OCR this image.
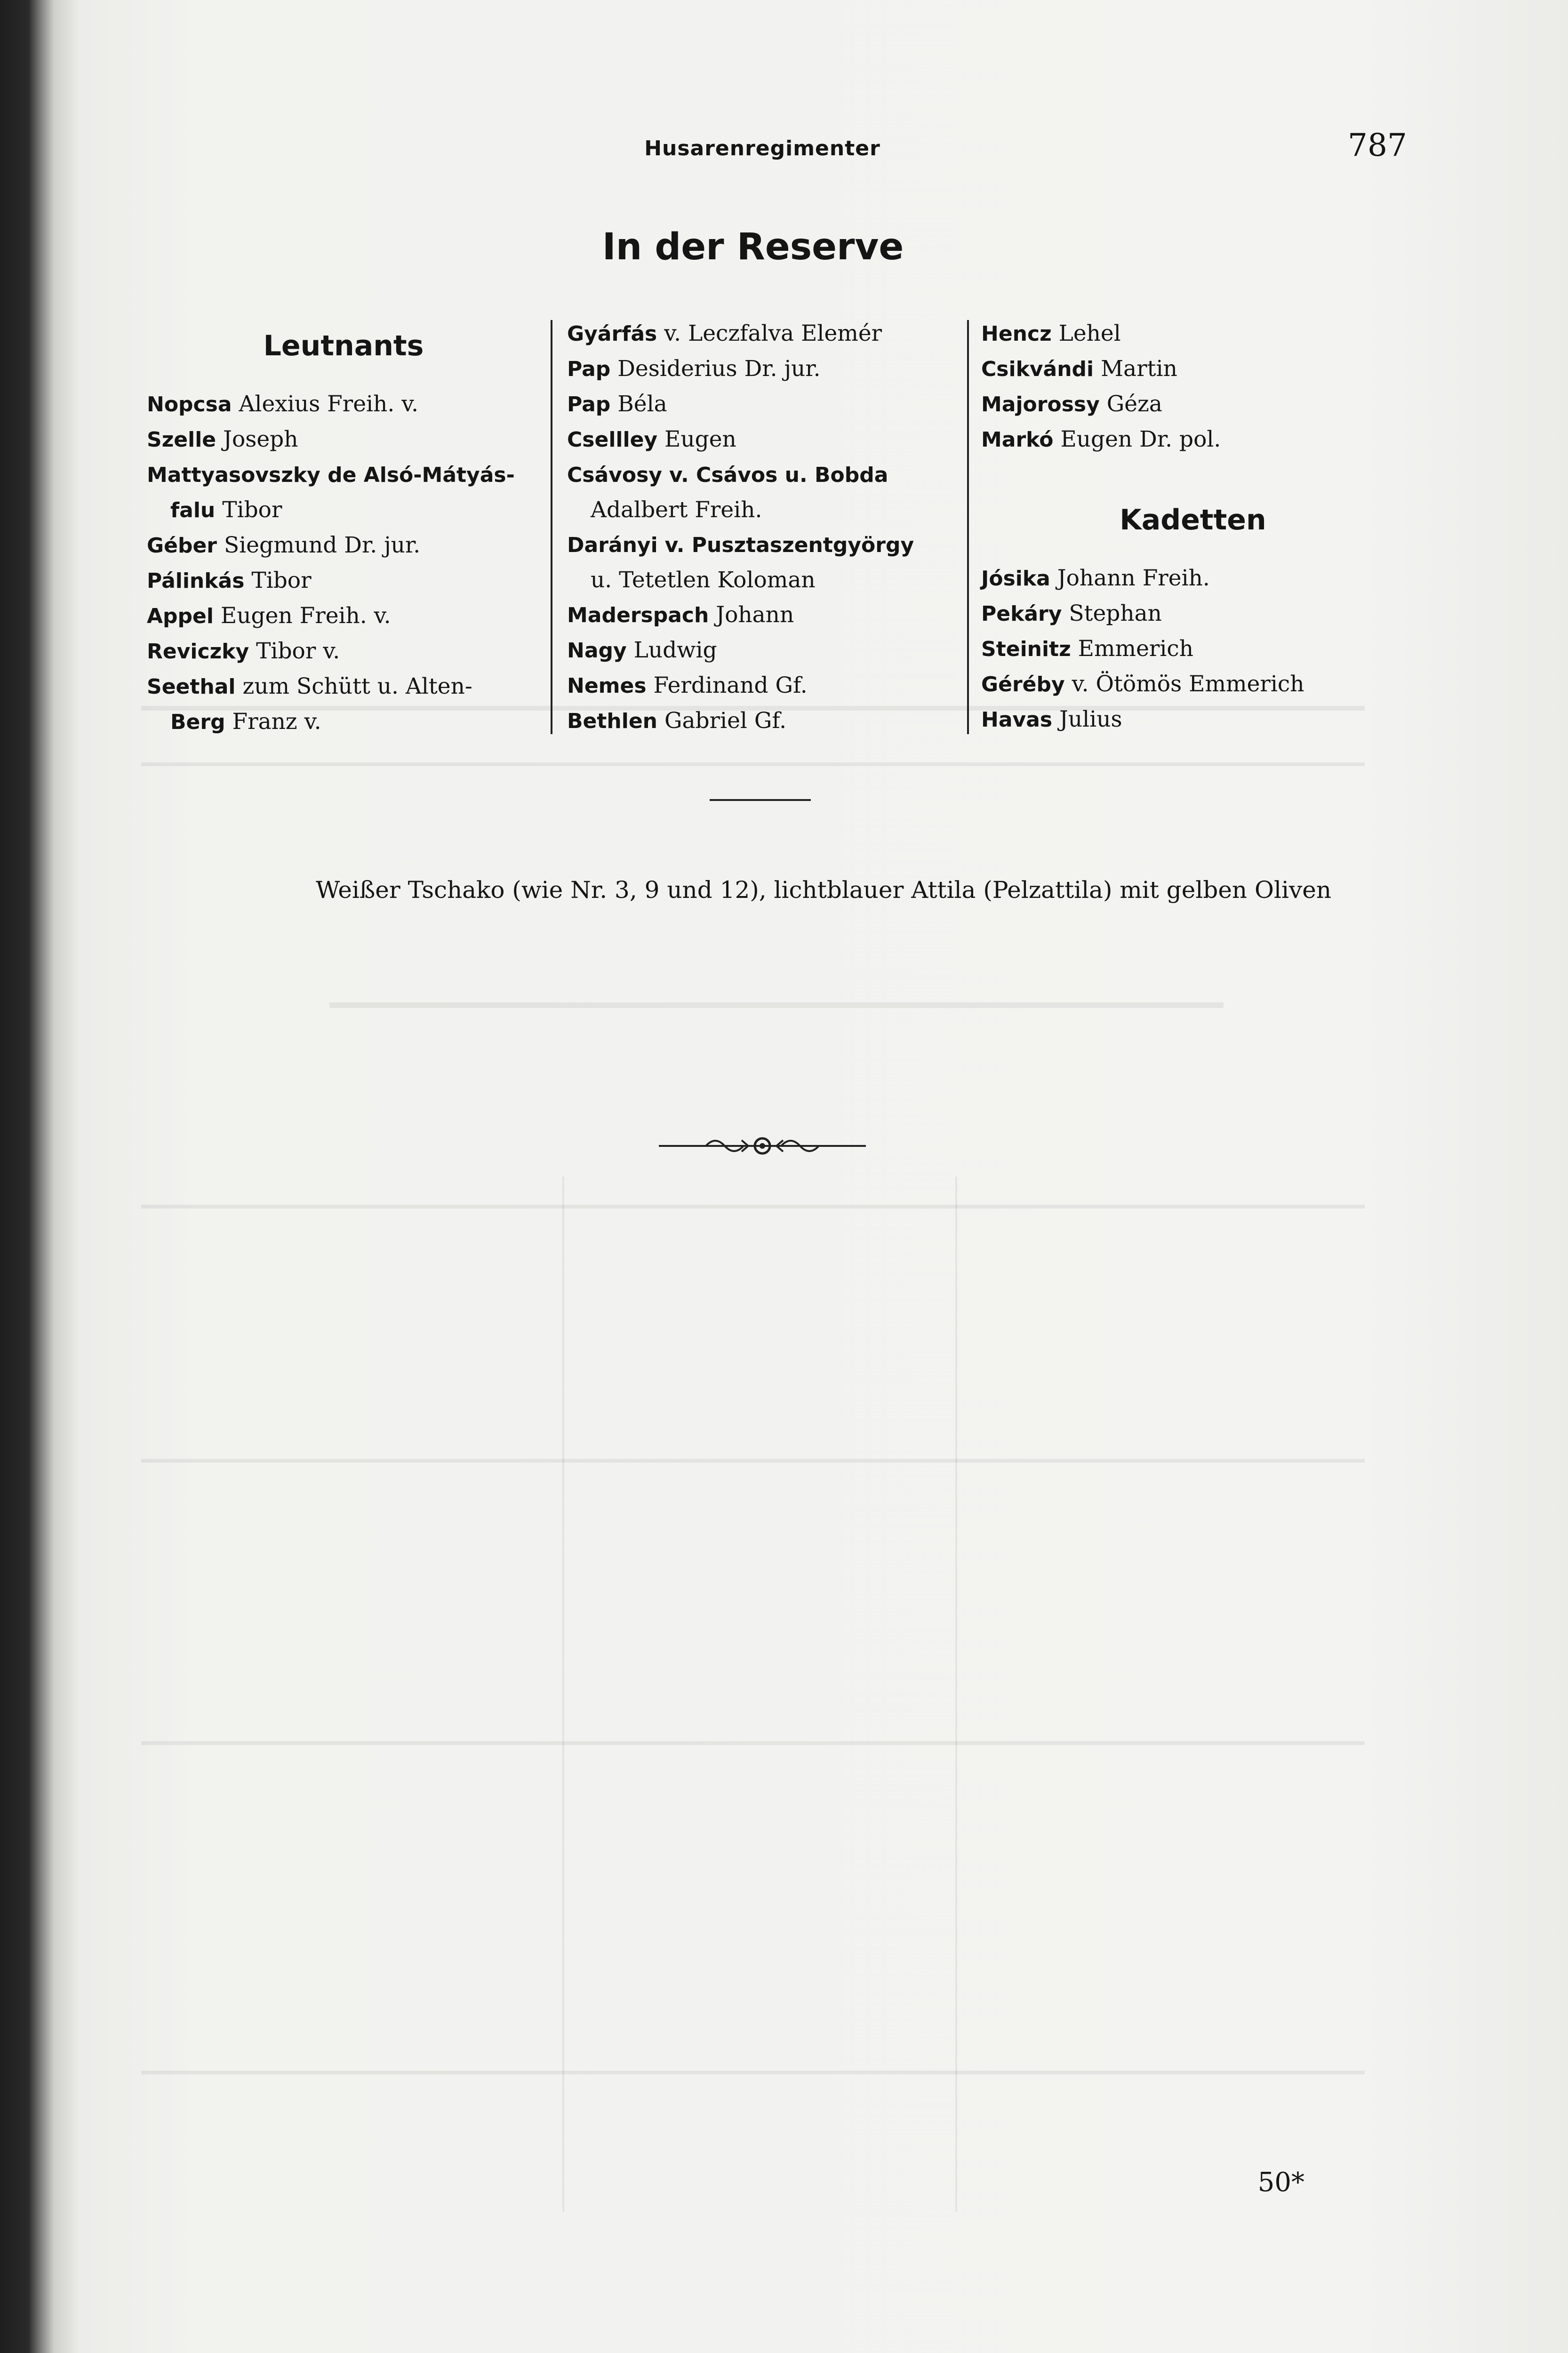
Husarenregimenter	787
In der Reserve
Leutnants
Nopcsa Alexius Freih. v.
Szelle Joseph
Mattyasovszky de Alsó-Mátyás-
falu Tibor
Géber Siegmund Dr. jur.
Pálinkás Tibor
Appel Eugen Freih. v.
Reviczky Tibor v.
Seethal zum Schütt u. Alten-
Berg Franz v.
Gyárfás v. Leczfalva Elemér
Pap Desiderius Dr. jur.
Pap Béla
Csellley Eugen
Csávosy v. Csávos u. Bobda
Adalbert Freih.
Darányi v. Pusztaszentgyörgy
u. Tetetlen Koloman
Maderspach Johann
Nagy Ludwig
Nemes Ferdinand Gf.
Bethlen Gabriel Gf.
Hencz Lehel
Csikvándi Martin
Majorossy Géza
Markó Eugen Dr. pol.
Kadetten
Jósika Johann Freih.
Pekáry Stephan
Steinitz Emmerich
Géréby v. Ötömös Emmerich
Havas Julius
Weißer Tschako (wie Nr. 3, 9 und 12), lichtblauer Attila (Pelzattila) mit gelben Oliven
50*
